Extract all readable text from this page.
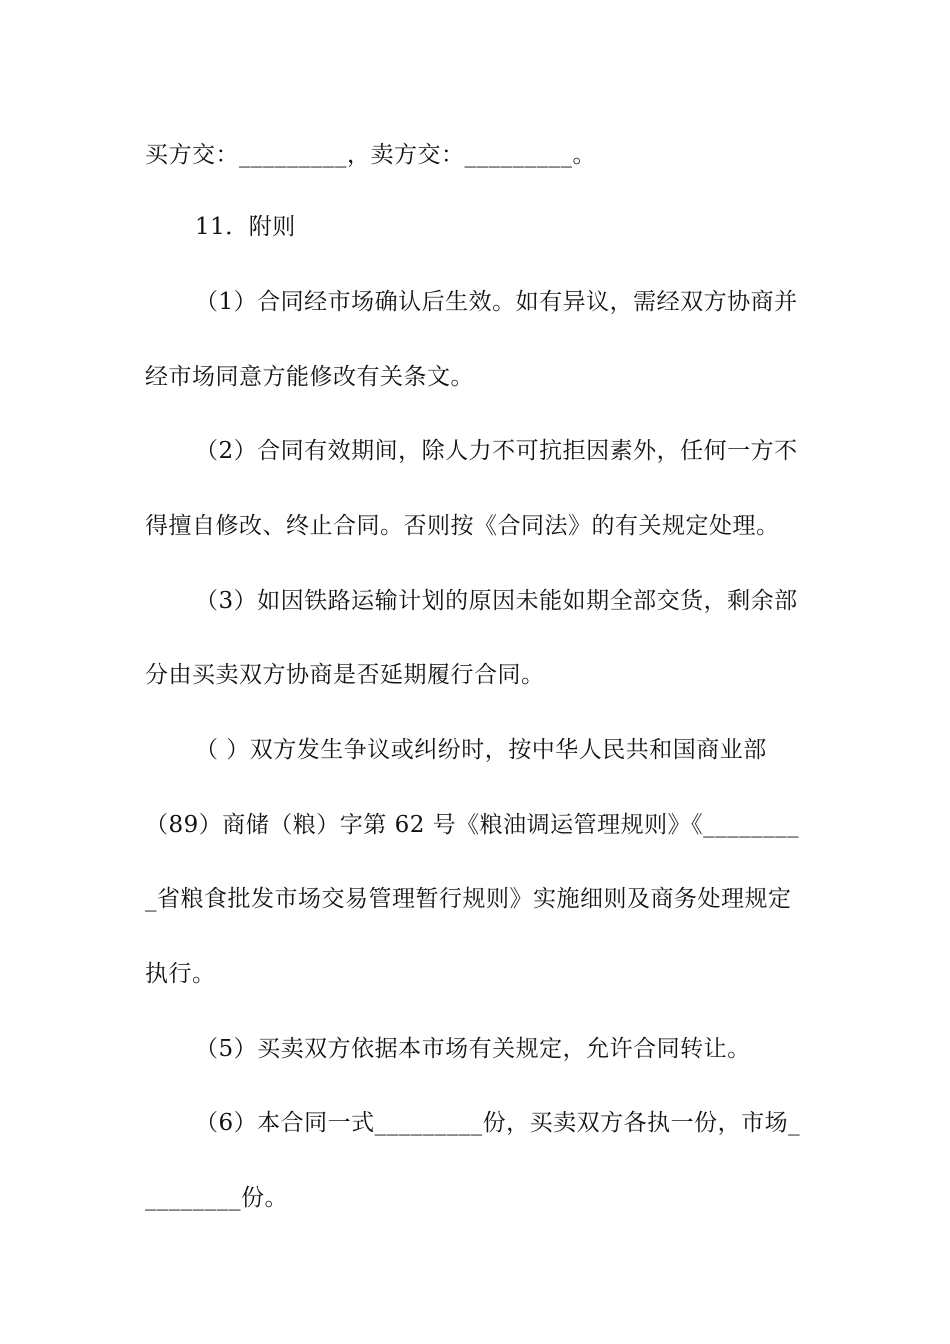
买方交：_________，卖方交：_________。
11．附则
（1）合同经市场确认后生效。如有异议，需经双方协商并
经市场同意方能修改有关条文。
（2）合同有效期间，除人力不可抗拒因素外，任何一方不
得擅自修改、终止合同。否则按《合同法》的有关规定处理。
（3）如因铁路运输计划的原因未能如期全部交货，剩余部
分由买卖双方协商是否延期履行合同。
（ ）双方发生争议或纠纷时，按中华人民共和国商业部
（89）商储（粮）字第 62 号《粮油调运管理规则》《________
_省粮食批发市场交易管理暂行规则》实施细则及商务处理规定
执行。
（5）买卖双方依据本市场有关规定，允许合同转让。
（6）本合同一式_________份，买卖双方各执一份，市场_
________份。
